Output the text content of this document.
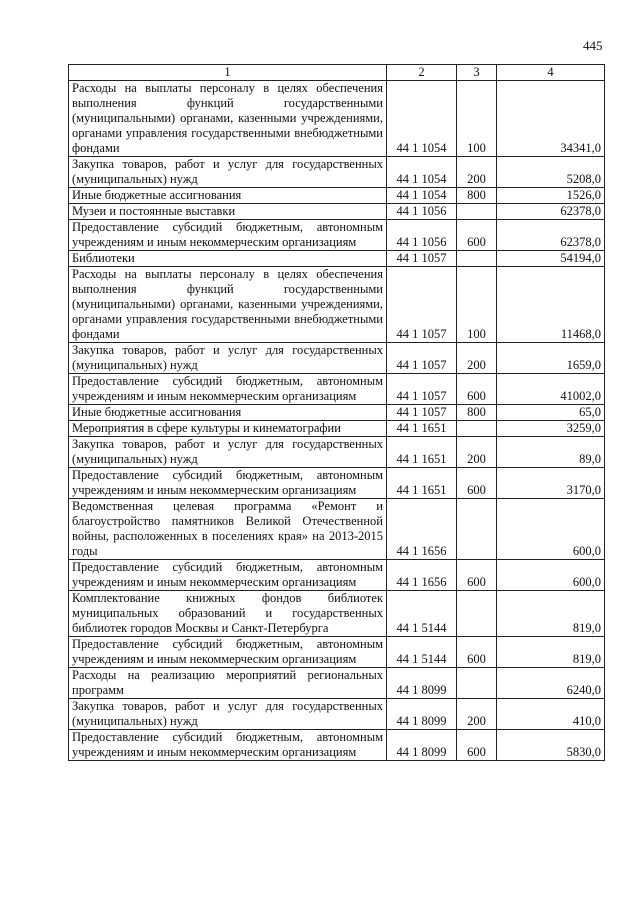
445
1	2	3	4
Расходы на выплаты персоналу в целях обеспечения выполнения функций государственными (муниципальными) органами, казенными учреждениями, органами управления государственными внебюджетными фондами	44 1 1054	100	34341,0
Закупка товаров, работ и услуг для государственных (муниципальных) нужд	44 1 1054	200	5208,0
Иные бюджетные ассигнования	44 1 1054	800	1526,0
Музеи и постоянные выставки	44 1 1056		62378,0
Предоставление субсидий бюджетным, автономным учреждениям и иным некоммерческим организациям	44 1 1056	600	62378,0
Библиотеки	44 1 1057		54194,0
Расходы на выплаты персоналу в целях обеспечения выполнения функций государственными (муниципальными) органами, казенными учреждениями, органами управления государственными внебюджетными фондами	44 1 1057	100	11468,0
Закупка товаров, работ и услуг для государственных (муниципальных) нужд	44 1 1057	200	1659,0
Предоставление субсидий бюджетным, автономным учреждениям и иным некоммерческим организациям	44 1 1057	600	41002,0
Иные бюджетные ассигнования	44 1 1057	800	65,0
Мероприятия в сфере культуры и кинематографии	44 1 1651		3259,0
Закупка товаров, работ и услуг для государственных (муниципальных) нужд	44 1 1651	200	89,0
Предоставление субсидий бюджетным, автономным учреждениям и иным некоммерческим организациям	44 1 1651	600	3170,0
Ведомственная целевая программа «Ремонт и благоустройство памятников Великой Отечественной войны, расположенных в поселениях края» на 2013-2015 годы	44 1 1656		600,0
Предоставление субсидий бюджетным, автономным учреждениям и иным некоммерческим организациям	44 1 1656	600	600,0
Комплектование книжных фондов библиотек муниципальных образований и государственных библиотек городов Москвы и Санкт-Петербурга	44 1 5144		819,0
Предоставление субсидий бюджетным, автономным учреждениям и иным некоммерческим организациям	44 1 5144	600	819,0
Расходы на реализацию мероприятий региональных программ	44 1 8099		6240,0
Закупка товаров, работ и услуг для государственных (муниципальных) нужд	44 1 8099	200	410,0
Предоставление субсидий бюджетным, автономным учреждениям и иным некоммерческим организациям	44 1 8099	600	5830,0
